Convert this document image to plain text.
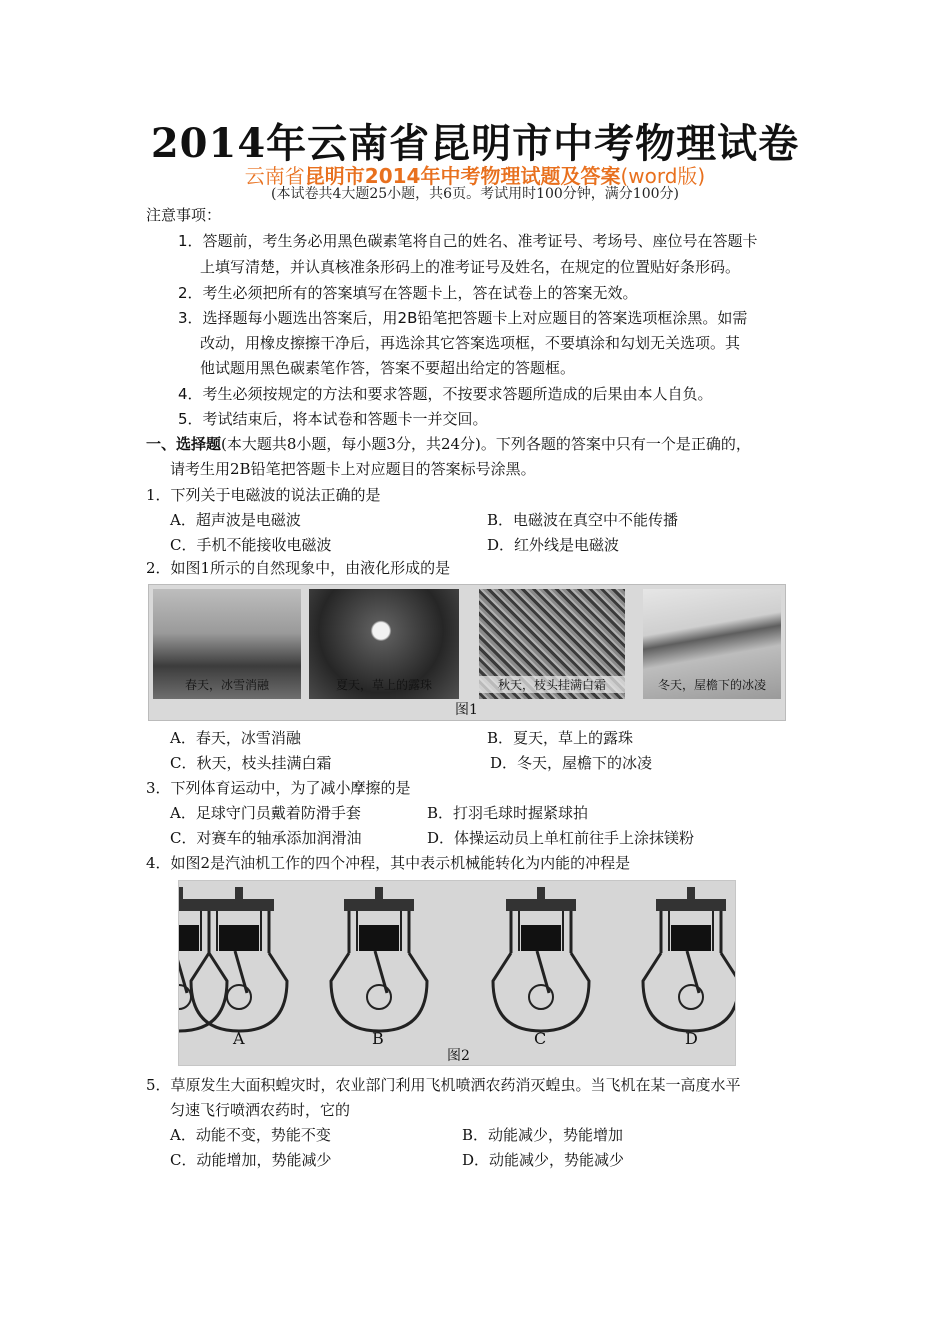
2014年云南省昆明市中考物理试卷
云南省昆明市2014年中考物理试题及答案(word版)
(本试卷共4大题25小题，共6页。考试用时100分钟，满分100分)
注意事项：
1．答题前，考生务必用黑色碳素笔将自己的姓名、准考证号、考场号、座位号在答题卡
上填写清楚，并认真核准条形码上的准考证号及姓名，在规定的位置贴好条形码。
2．考生必须把所有的答案填写在答题卡上，答在试卷上的答案无效。
3．选择题每小题选出答案后，用2B铅笔把答题卡上对应题目的答案选项框涂黑。如需
改动，用橡皮擦擦干净后，再选涂其它答案选项框，不要填涂和勾划无关选项。其
他试题用黑色碳素笔作答，答案不要超出给定的答题框。
4．考生必须按规定的方法和要求答题，不按要求答题所造成的后果由本人自负。
5．考试结束后，将本试卷和答题卡一并交回。
一、选择题(本大题共8小题，每小题3分，共24分)。下列各题的答案中只有一个是正确的，
请考生用2B铅笔把答题卡上对应题目的答案标号涂黑。
1．下列关于电磁波的说法正确的是
A．超声波是电磁波	B．电磁波在真空中不能传播
C．手机不能接收电磁波	D．红外线是电磁波
2．如图1所示的自然现象中，由液化形成的是
春天，冰雪消融	夏天，草上的露珠	秋天，枝头挂满白霜	冬天，屋檐下的冰凌
图1
A．春天，冰雪消融	B．夏天，草上的露珠
C．秋天，枝头挂满白霜	D．冬天，屋檐下的冰凌
3．下列体育运动中，为了减小摩擦的是
A．足球守门员戴着防滑手套	B．打羽毛球时握紧球拍
C．对赛车的轴承添加润滑油	D．体操运动员上单杠前往手上涂抹镁粉
4．如图2是汽油机工作的四个冲程，其中表示机械能转化为内能的冲程是
A	B	C	D
图2
5．草原发生大面积蝗灾时，农业部门利用飞机喷洒农药消灭蝗虫。当飞机在某一高度水平
匀速飞行喷洒农药时，它的
A．动能不变，势能不变	B．动能减少，势能增加
C．动能增加，势能减少	D．动能减少，势能减少
